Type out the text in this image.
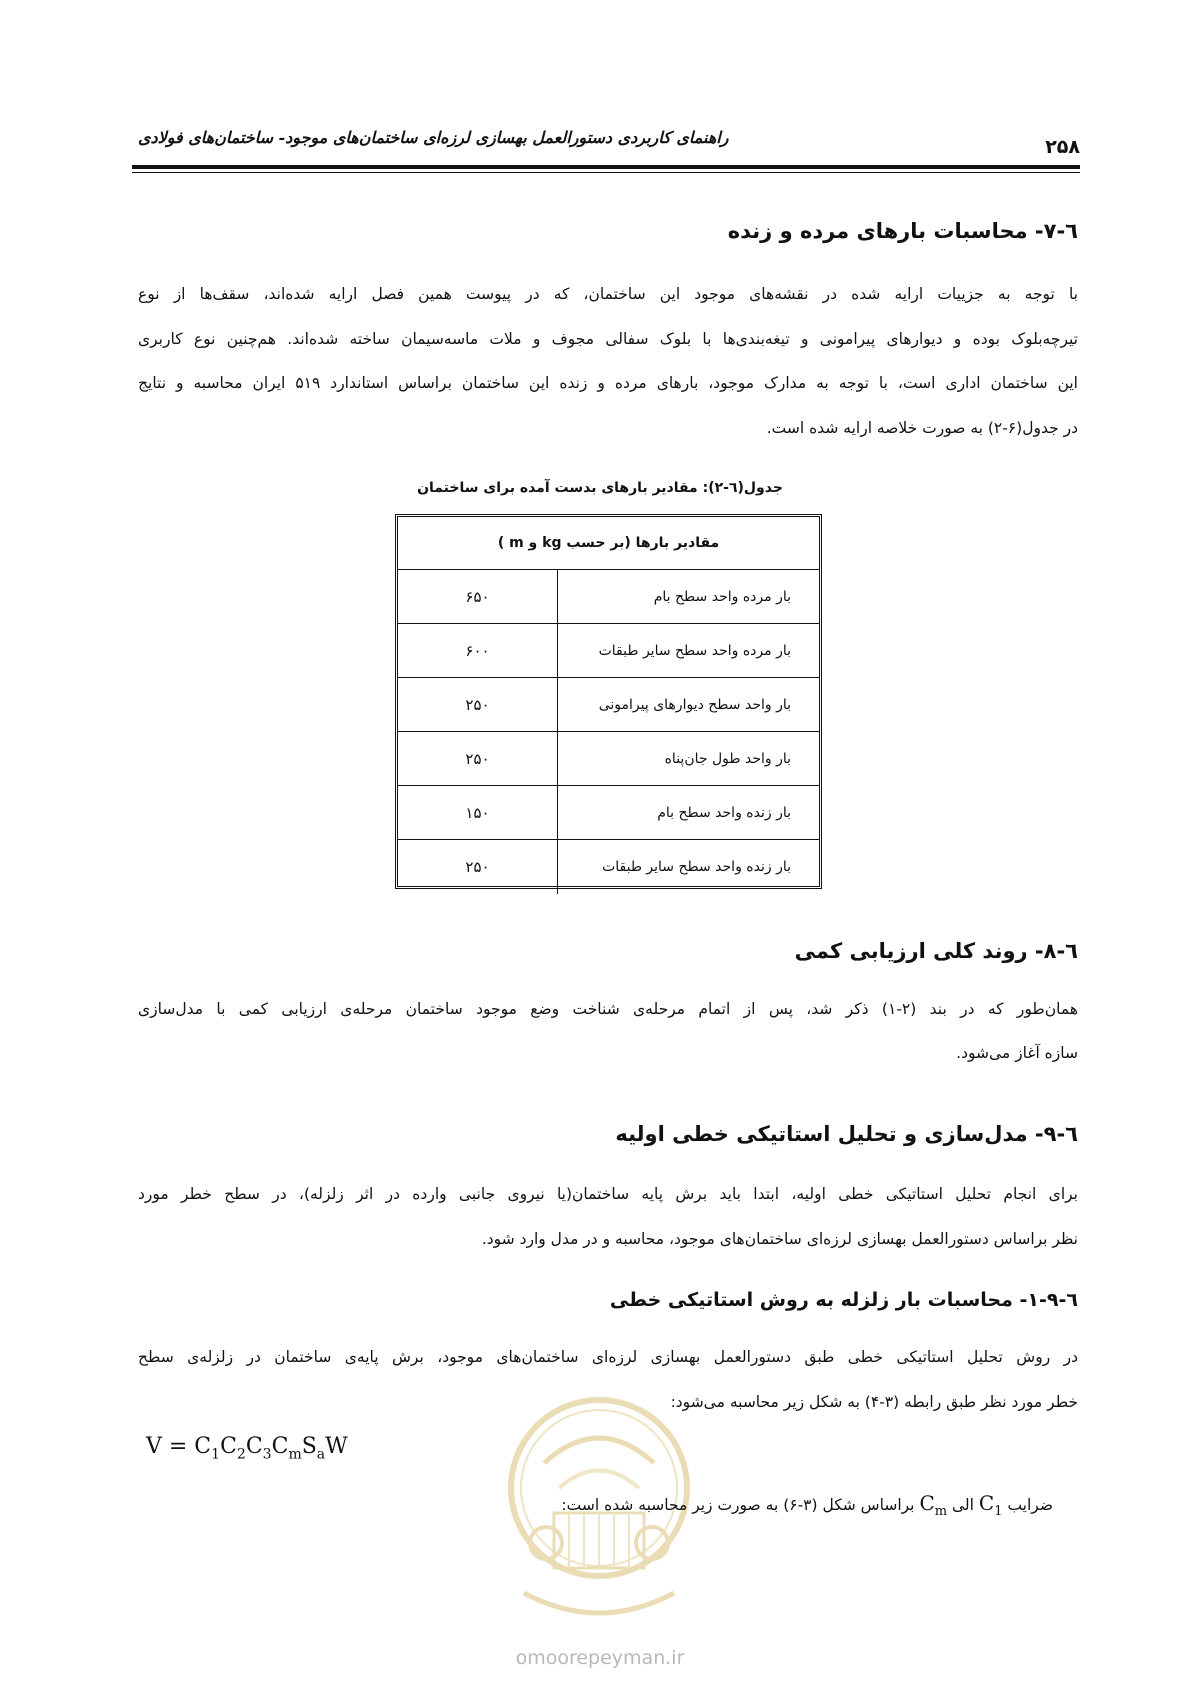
راهنمای کاربردی دستورالعمل بهسازی لرزه‌ای ساختمان‌های موجود- ساختمان‌های فولادی	۲۵۸
٦-٧- محاسبات بارهای مرده و زنده
با توجه به جزییات ارایه شده در نقشه‌های موجود این ساختمان، که در پیوست همین فصل ارایه شده‌اند، سقف‌ها از نوع
تیرچه‌بلوک بوده و دیوارهای پیرامونی و تیغه‌بندی‌ها با بلوک سفالی مجوف و ملات ماسه‌سیمان ساخته شده‌اند. هم‌چنین نوع کاربری
این ساختمان اداری است، با توجه به مدارک موجود، بارهای مرده و زنده این ساختمان براساس استاندارد ۵۱۹ ایران محاسبه و نتایج
در جدول(۶-۲) به صورت خلاصه ارایه شده است.
جدول(٦-٢): مقادیر بارهای بدست آمده برای ساختمان
مقادیر بارها (بر حسب kg و m )
بار مرده واحد سطح بام
۶۵۰
بار مرده واحد سطح سایر طبقات
۶۰۰
بار واحد سطح دیوارهای پیرامونی
۲۵۰
بار واحد طول جان‌پناه
۲۵۰
بار زنده واحد سطح بام
۱۵۰
بار زنده واحد سطح سایر طبقات
۲۵۰
٦-٨- روند کلی ارزیابی کمی
همان‌طور که در بند (۲-۱) ذکر شد، پس از اتمام مرحله‌ی شناخت وضع موجود ساختمان مرحله‌ی ارزیابی کمی با مدل‌سازی
سازه آغاز می‌شود.
٦-٩- مدل‌سازی و تحلیل استاتیکی خطی اولیه
برای انجام تحلیل استاتیکی خطی اولیه، ابتدا باید برش پایه ساختمان(یا نیروی جانبی وارده در اثر زلزله)، در سطح خطر مورد
نظر براساس دستورالعمل بهسازی لرزه‌ای ساختمان‌های موجود، محاسبه و در مدل وارد شود.
٦-٩-١- محاسبات بار زلزله به روش استاتیکی خطی
در روش تحلیل استاتیکی خطی طبق دستورالعمل بهسازی لرزه‌ای ساختمان‌های موجود، برش پایه‌ی ساختمان در زلزله‌ی سطح
خطر مورد نظر طبق رابطه (۳-۴) به شکل زیر محاسبه می‌شود:
omoorepeyman.ir
$V = C_1C_2C_3C_mS_aW$
ضرایب $C_1$ الی $C_m$ براساس شکل (۳-۶) به صورت زیر محاسبه شده است:
